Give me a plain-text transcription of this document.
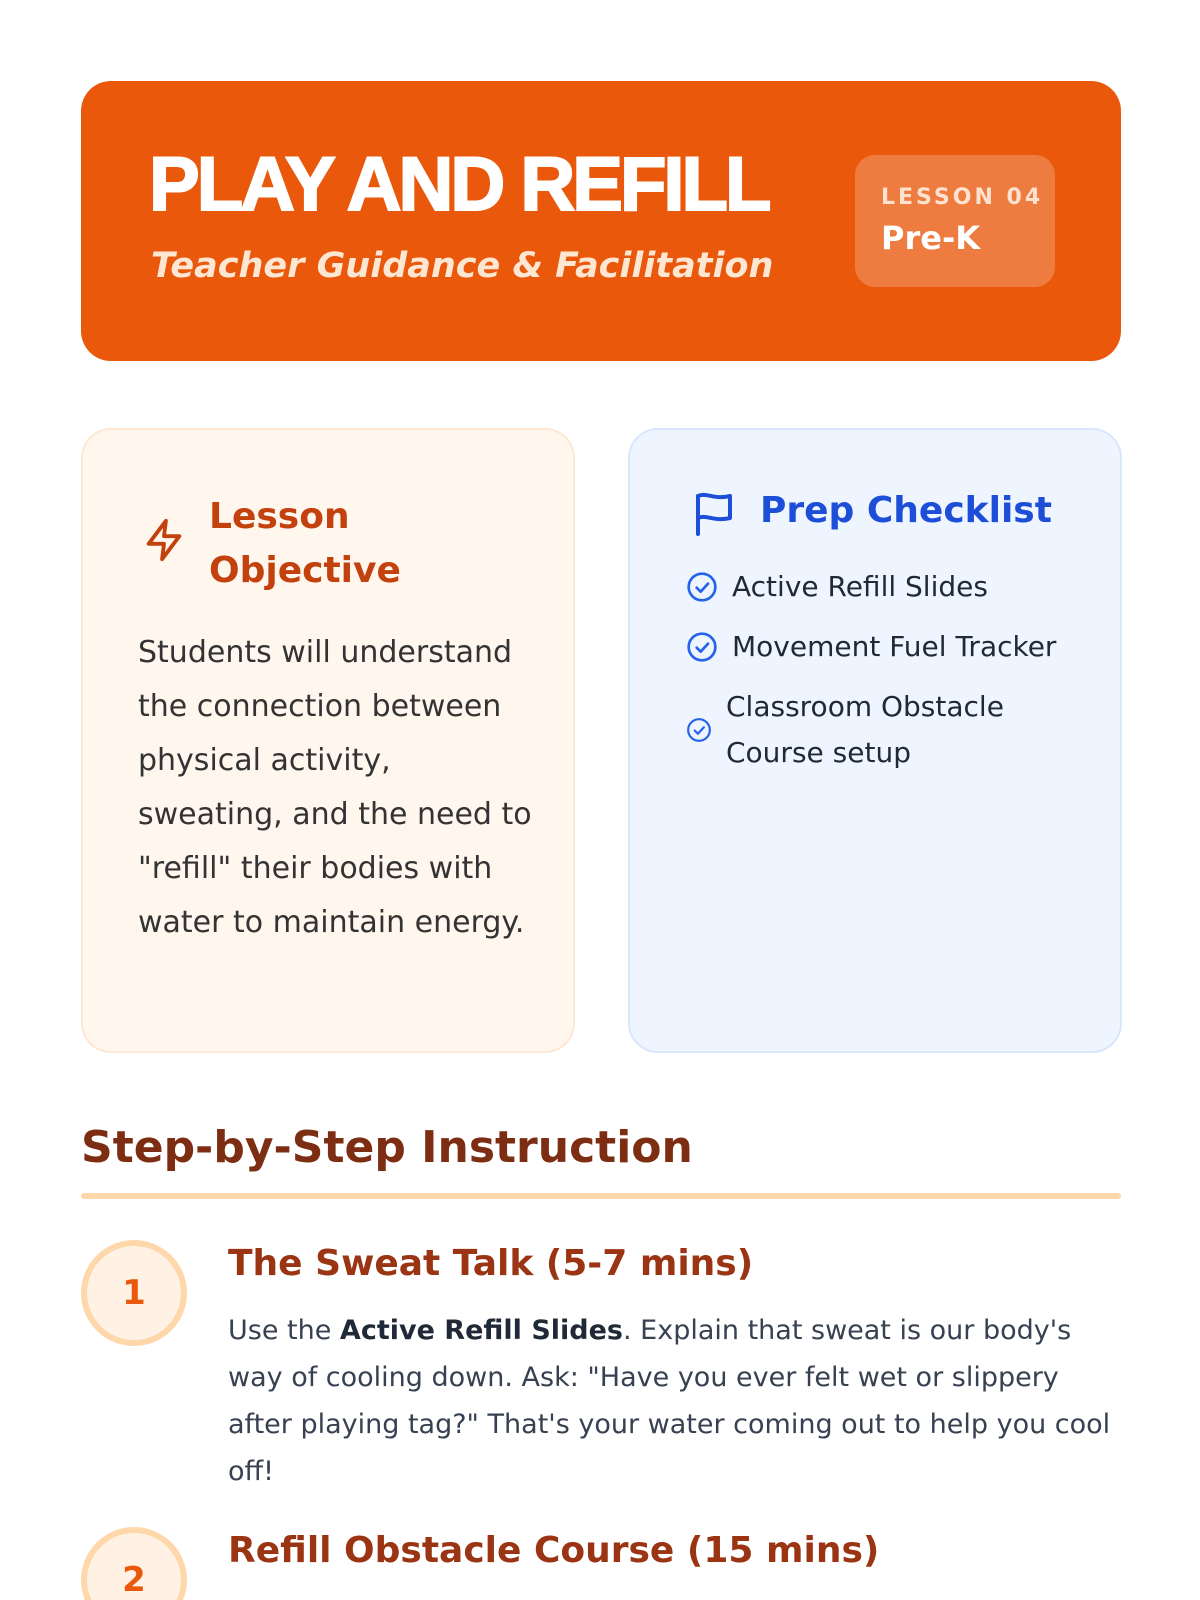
PLAY AND REFILL
Teacher Guidance & Facilitation
LESSON 04
Pre-K
Lesson Objective
Students will understand the connection between physical activity, sweating, and the need to "refill" their bodies with water to maintain energy.
Prep Checklist
Active Refill Slides
Movement Fuel Tracker
Classroom Obstacle Course setup
Step-by-Step Instruction
1
The Sweat Talk (5-7 mins)
Use the Active Refill Slides. Explain that sweat is our body's way of cooling down. Ask: "Have you ever felt wet or slippery after playing tag?" That's your water coming out to help you cool off!
2
Refill Obstacle Course (15 mins)
